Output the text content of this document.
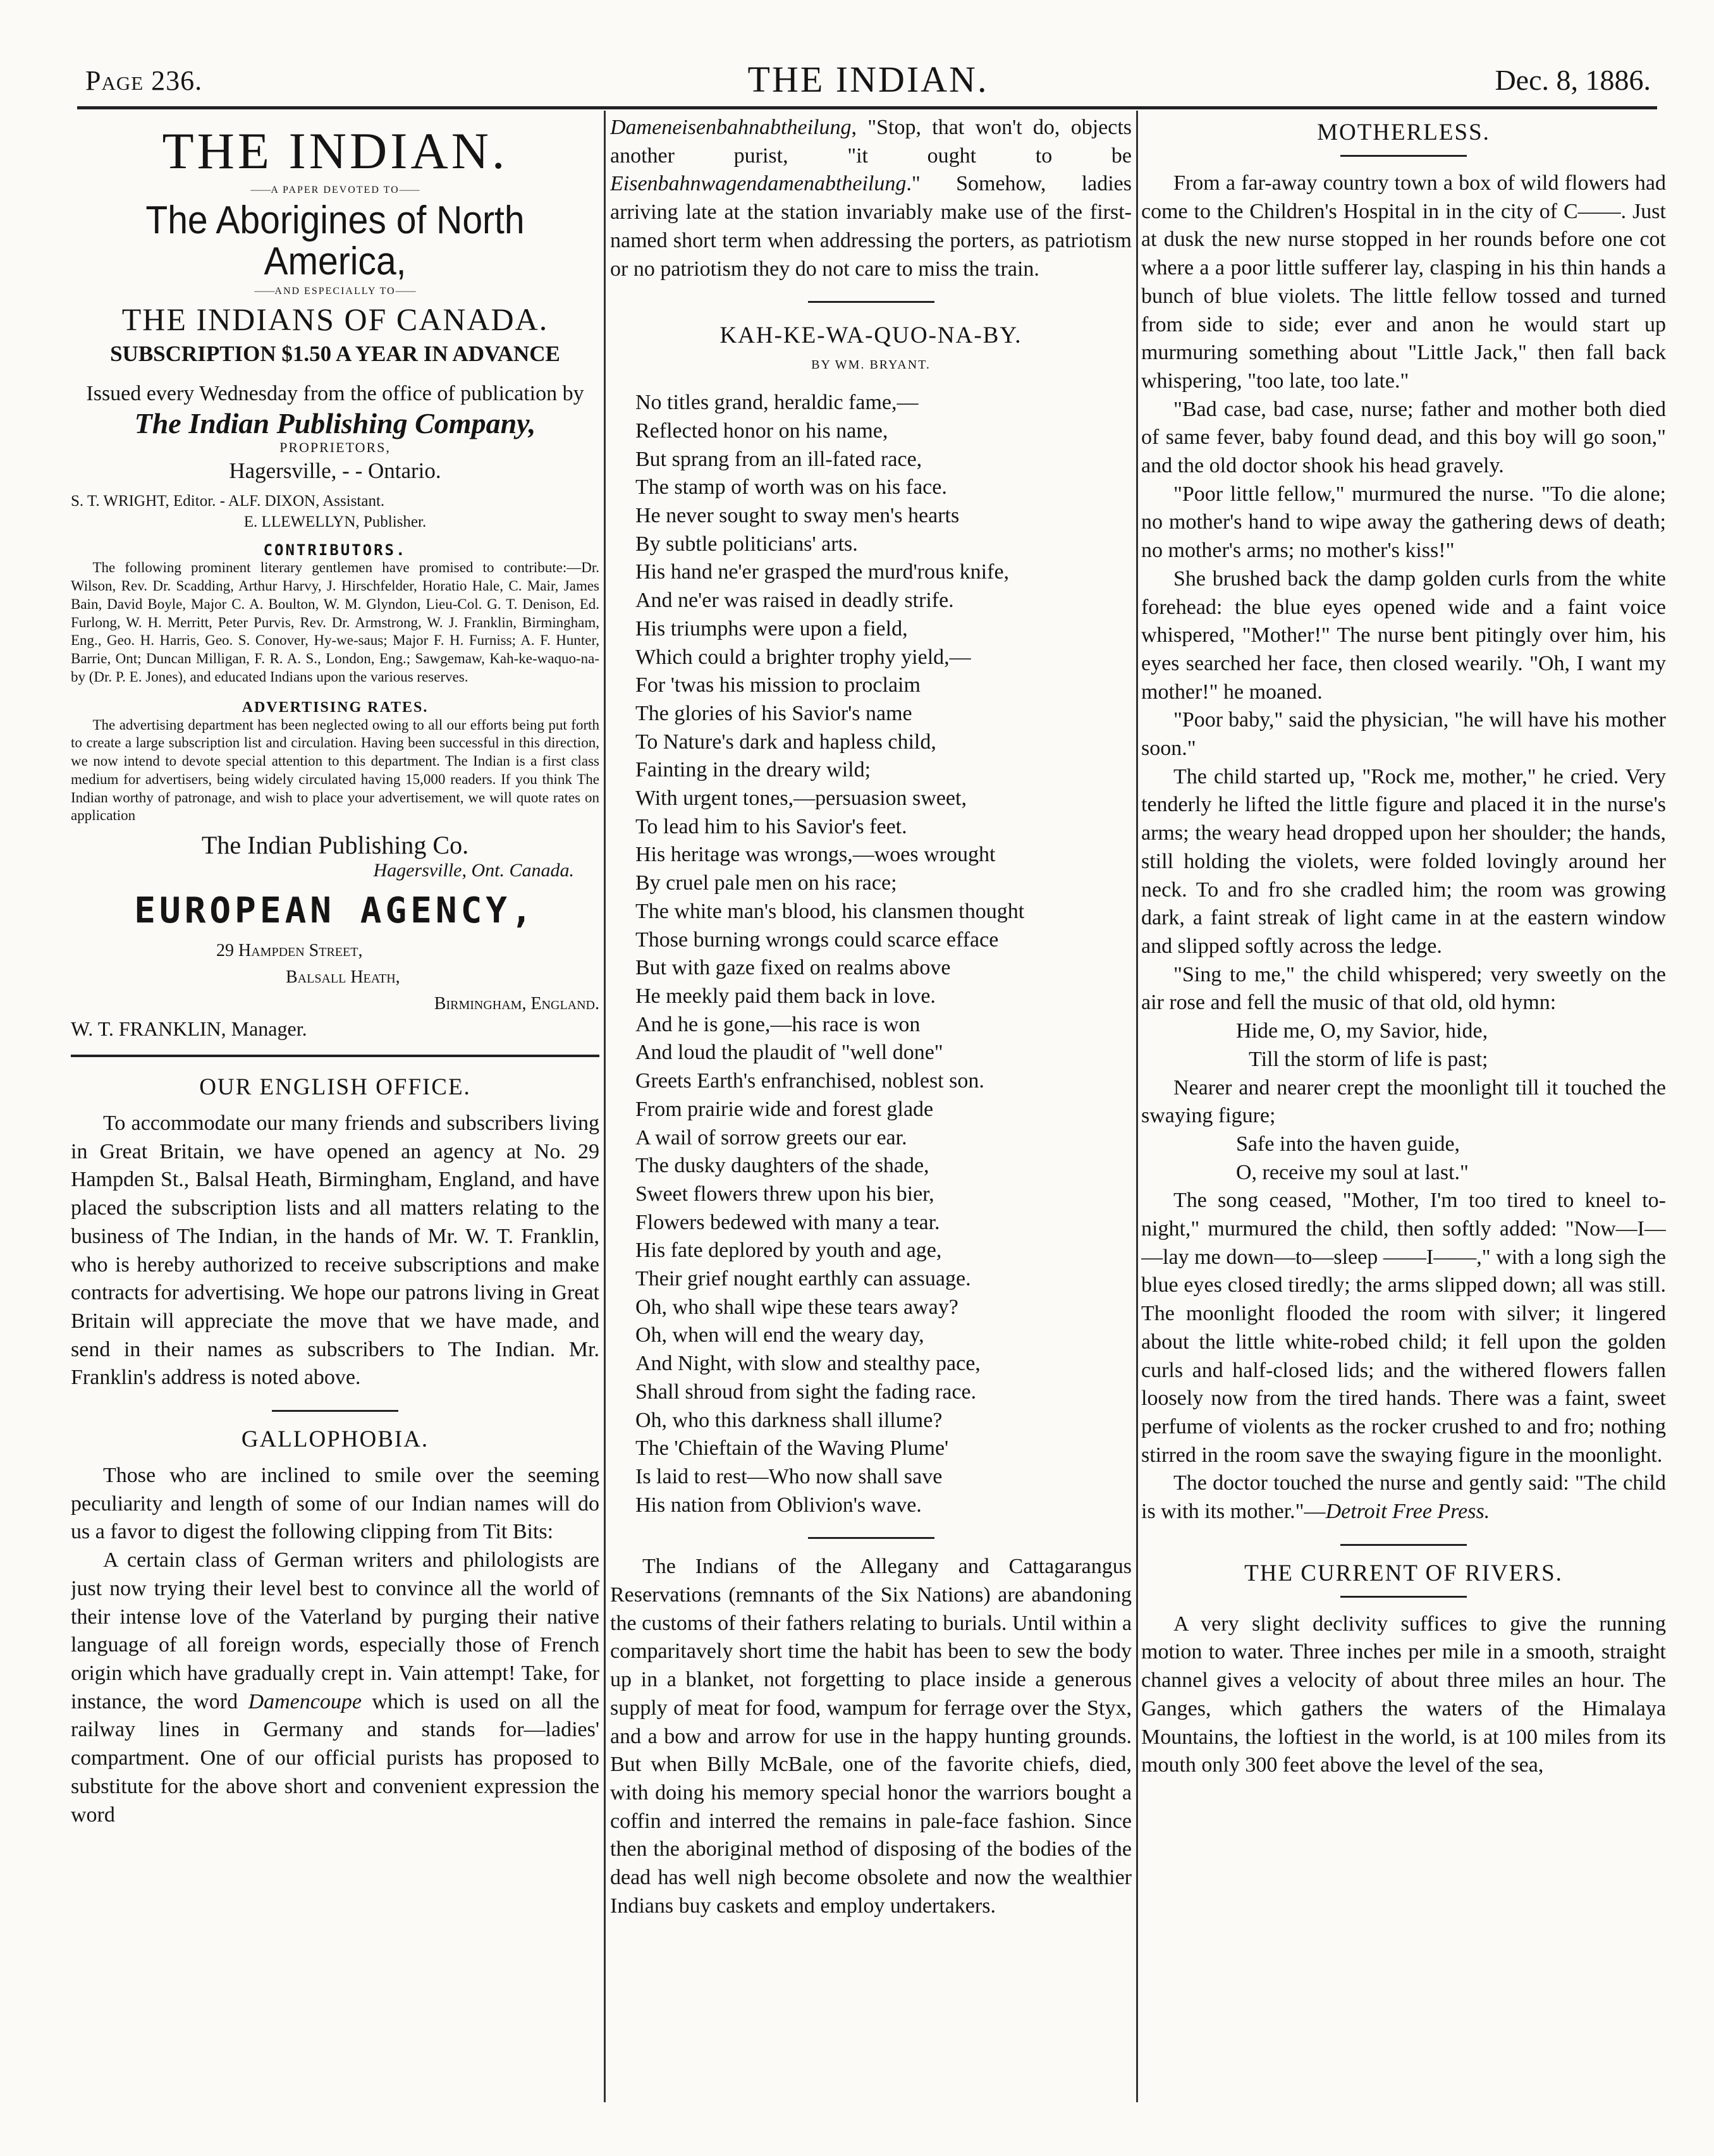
Page 236.	THE INDIAN.	Dec. 8, 1886.
THE INDIAN.
—— A PAPER DEVOTED TO ——
The Aborigines of North America,
—— AND ESPECIALLY TO ——
THE INDIANS OF CANADA.
SUBSCRIPTION $1.50 A YEAR IN ADVANCE
Issued every Wednesday from the office of publication by
The Indian Publishing Company,
PROPRIETORS,
Hagersville, - - Ontario.
S. T. WRIGHT, Editor. - ALF. DIXON, Assistant.
E. LLEWELLYN, Publisher.
CONTRIBUTORS.

The following prominent literary gentlemen have promised to contribute:—Dr. Wilson, Rev. Dr. Scadding, Arthur Harvy, J. Hirschfelder, Horatio Hale, C. Mair, James Bain, David Boyle, Major C. A. Boulton, W. M. Glyndon, Lieu-Col. G. T. Denison, Ed. Furlong, W. H. Merritt, Peter Purvis, Rev. Dr. Armstrong, W. J. Franklin, Birmingham, Eng., Geo. H. Harris, Geo. S. Conover, Hy-we-saus; Major F. H. Furniss; A. F. Hunter, Barrie, Ont; Duncan Milligan, F. R. A. S., London, Eng.; Sawgemaw, Kah-ke-waquo-na-by (Dr. P. E. Jones), and educated Indians upon the various reserves.

ADVERTISING RATES.

The advertising department has been neglected owing to all our efforts being put forth to create a large subscription list and circulation. Having been successful in this direction, we now intend to devote special attention to this department. The Indian is a first class medium for advertisers, being widely circulated having 15,000 readers. If you think The Indian worthy of patronage, and wish to place your advertisement, we will quote rates on application

The Indian Publishing Co.
Hagersville, Ont. Canada.
EUROPEAN AGENCY,
29 Hampden Street,
Balsall Heath,
Birmingham, England.
W. T. FRANKLIN, Manager.
OUR ENGLISH OFFICE.

To accommodate our many friends and subscribers living in Great Britain, we have opened an agency at No. 29 Hampden St., Balsal Heath, Birmingham, England, and have placed the subscription lists and all matters relating to the business of The Indian, in the hands of Mr. W. T. Franklin, who is hereby authorized to receive subscriptions and make contracts for advertising. We hope our patrons living in Great Britain will appreciate the move that we have made, and send in their names as subscribers to The Indian. Mr. Franklin's address is noted above.

GALLOPHOBIA.

Those who are inclined to smile over the seeming peculiarity and length of some of our Indian names will do us a favor to digest the following clipping from Tit Bits:

A certain class of German writers and philologists are just now trying their level best to convince all the world of their intense love of the Vaterland by purging their native language of all foreign words, especially those of French origin which have gradually crept in. Vain attempt! Take, for instance, the word Damencoupe which is used on all the railway lines in Germany and stands for—ladies' compartment. One of our official purists has proposed to substitute for the above short and convenient expression the word

Dameneisenbahnabtheilung, "Stop, that won't do, objects another purist, "it ought to be Eisenbahnwagendamenabtheilung." Somehow, ladies arriving late at the station invariably make use of the first-named short term when addressing the porters, as patriotism or no patriotism they do not care to miss the train.

KAH-KE-WA-QUO-NA-BY.
BY WM. BRYANT.
No titles grand, heraldic fame,—
Reflected honor on his name,
But sprang from an ill-fated race,
The stamp of worth was on his face.
He never sought to sway men's hearts
By subtle politicians' arts.
His hand ne'er grasped the murd'rous knife,
And ne'er was raised in deadly strife.
His triumphs were upon a field,
Which could a brighter trophy yield,—
For 'twas his mission to proclaim
The glories of his Savior's name
To Nature's dark and hapless child,
Fainting in the dreary wild;
With urgent tones,—persuasion sweet,
To lead him to his Savior's feet.
His heritage was wrongs,—woes wrought
By cruel pale men on his race;
The white man's blood, his clansmen thought
Those burning wrongs could scarce efface
But with gaze fixed on realms above
He meekly paid them back in love.
And he is gone,—his race is won
And loud the plaudit of "well done"
Greets Earth's enfranchised, noblest son.
From prairie wide and forest glade
A wail of sorrow greets our ear.
The dusky daughters of the shade,
Sweet flowers threw upon his bier,
Flowers bedewed with many a tear.
His fate deplored by youth and age,
Their grief nought earthly can assuage.
Oh, who shall wipe these tears away?
Oh, when will end the weary day,
And Night, with slow and stealthy pace,
Shall shroud from sight the fading race.
Oh, who this darkness shall illume?
The 'Chieftain of the Waving Plume'
Is laid to rest—Who now shall save
His nation from Oblivion's wave.

The Indians of the Allegany and Cattagarangus Reservations (remnants of the Six Nations) are abandoning the customs of their fathers relating to burials. Until within a comparitavely short time the habit has been to sew the body up in a blanket, not forgetting to place inside a generous supply of meat for food, wampum for ferrage over the Styx, and a bow and arrow for use in the happy hunting grounds. But when Billy McBale, one of the favorite chiefs, died, with doing his memory special honor the warriors bought a coffin and interred the remains in pale-face fashion. Since then the aboriginal method of disposing of the bodies of the dead has well nigh become obsolete and now the wealthier Indians buy caskets and employ undertakers.

MOTHERLESS.

From a far-away country town a box of wild flowers had come to the Children's Hospital in in the city of C——. Just at dusk the new nurse stopped in her rounds before one cot where a a poor little sufferer lay, clasping in his thin hands a bunch of blue violets. The little fellow tossed and turned from side to side; ever and anon he would start up murmuring something about "Little Jack," then fall back whispering, "too late, too late."

"Bad case, bad case, nurse; father and mother both died of same fever, baby found dead, and this boy will go soon," and the old doctor shook his head gravely.

"Poor little fellow," murmured the nurse. "To die alone; no mother's hand to wipe away the gathering dews of death; no mother's arms; no mother's kiss!"

She brushed back the damp golden curls from the white forehead: the blue eyes opened wide and a faint voice whispered, "Mother!" The nurse bent pitingly over him, his eyes searched her face, then closed wearily. "Oh, I want my mother!" he moaned.

"Poor baby," said the physician, "he will have his mother soon."

The child started up, "Rock me, mother," he cried. Very tenderly he lifted the little figure and placed it in the nurse's arms; the weary head dropped upon her shoulder; the hands, still holding the violets, were folded lovingly around her neck. To and fro she cradled him; the room was growing dark, a faint streak of light came in at the eastern window and slipped softly across the ledge.

"Sing to me," the child whispered; very sweetly on the air rose and fell the music of that old, old hymn:

Hide me, O, my Savior, hide,
Till the storm of life is past;

Nearer and nearer crept the moonlight till it touched the swaying figure;

Safe into the haven guide,
O, receive my soul at last."

The song ceased, "Mother, I'm too tired to kneel to-night," murmured the child, then softly added: "Now—I— —lay me down—to—sleep ——I——," with a long sigh the blue eyes closed tiredly; the arms slipped down; all was still. The moonlight flooded the room with silver; it lingered about the little white-robed child; it fell upon the golden curls and half-closed lids; and the withered flowers fallen loosely now from the tired hands. There was a faint, sweet perfume of violents as the rocker crushed to and fro; nothing stirred in the room save the swaying figure in the moonlight.

The doctor touched the nurse and gently said: "The child is with its mother."—Detroit Free Press.

THE CURRENT OF RIVERS.

A very slight declivity suffices to give the running motion to water. Three inches per mile in a smooth, straight channel gives a velocity of about three miles an hour. The Ganges, which gathers the waters of the Himalaya Mountains, the loftiest in the world, is at 100 miles from its mouth only 300 feet above the level of the sea,
